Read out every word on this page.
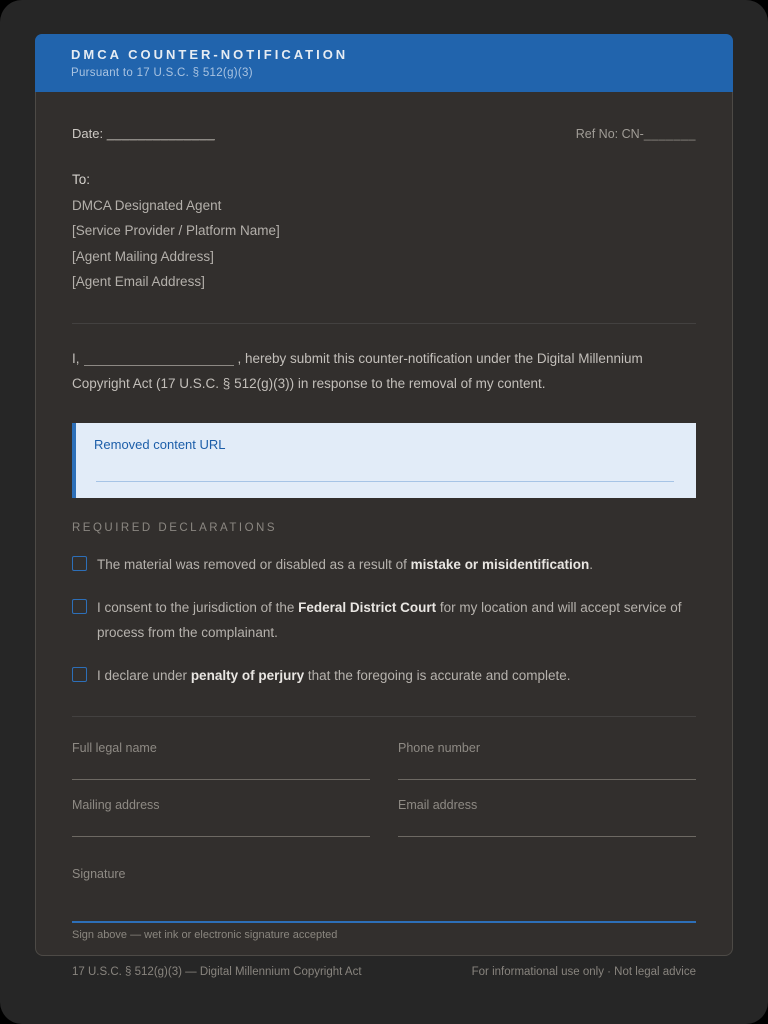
DMCA COUNTER-NOTIFICATION
Pursuant to 17 U.S.C. § 512(g)(3)
Date: ______________	Ref No: CN-_______
To:
DMCA Designated Agent
[Service Provider / Platform Name]
[Agent Mailing Address]
[Agent Email Address]

I,	, hereby submit this counter-notification under the Digital Millennium Copyright Act (17 U.S.C. § 512(g)(3)) in response to the removal of my content.

Removed content URL
REQUIRED DECLARATIONS
The material was removed or disabled as a result of mistake or misidentification.
I consent to the jurisdiction of the Federal District Court for my location and will accept service of process from the complainant.
I declare under penalty of perjury that the foregoing is accurate and complete.
Full legal name	Phone number
Mailing address	Email address
Signature
Sign above — wet ink or electronic signature accepted
17 U.S.C. § 512(g)(3) — Digital Millennium Copyright Act	For informational use only · Not legal advice
